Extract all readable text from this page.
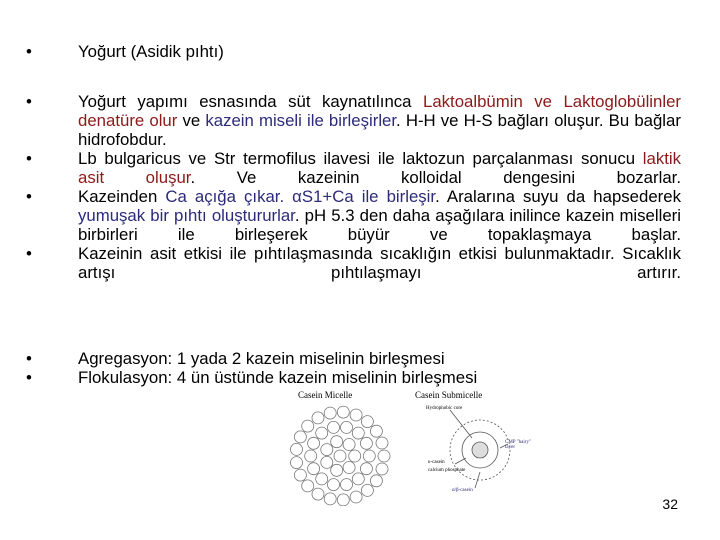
•	Yoğurt (Asidik pıhtı)
•	Yoğurt yapımı esnasında süt kaynatılınca Laktoalbümin ve Laktoglobülinler denatüre olur ve kazein miseli ile birleşirler. H-H ve H-S bağları oluşur. Bu bağlar hidrofobdur.
•	Lb bulgaricus ve Str termofilus ilavesi ile laktozun parçalanması sonucu laktik asit oluşur. Ve kazeinin kolloidal dengesini bozarlar.
•	Kazeinden Ca açığa çıkar. αS1+Ca ile birleşir. Aralarına suyu da hapsederek yumuşak bir pıhtı oluştururlar. pH 5.3 den daha aşağılara inilince kazein miselleri birbirleri ile birleşerek büyür ve topaklaşmaya başlar.
•	Kazeinin asit etkisi ile pıhtılaşmasında sıcaklığın etkisi bulunmaktadır. Sıcaklık artışı pıhtılaşmayı artırır.
•	Agregasyon: 1 yada 2 kazein miselinin birleşmesi
•	Flokulasyon: 4 ün üstünde kazein miselinin birleşmesi
Casein Micelle	Casein Submicelle
Hydrophobic core
CMP "hairy" layer
κ-casein
calcium phosphate
α/β-casein
32
